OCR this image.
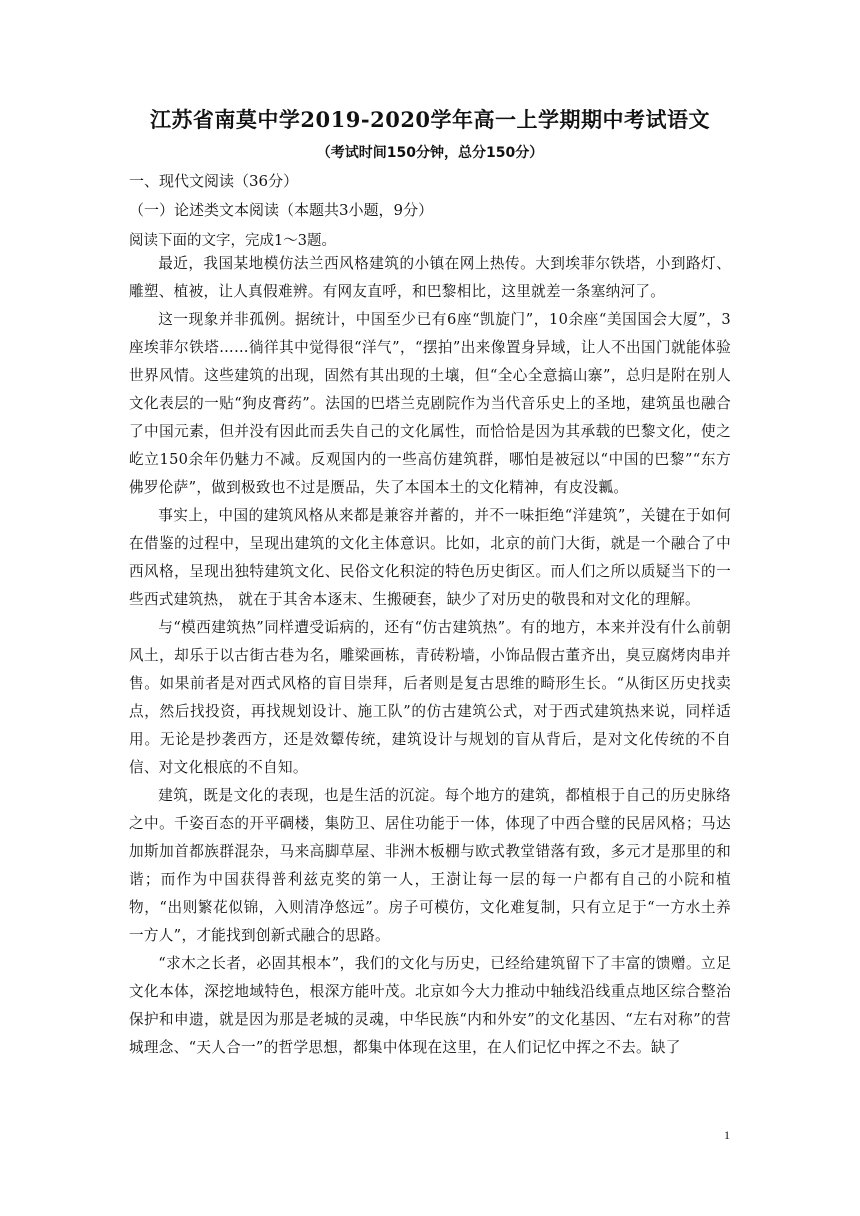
江苏省南莫中学2019-2020学年高一上学期期中考试语文
（考试时间150分钟，总分150分）
一、现代文阅读（36分）
（一）论述类文本阅读（本题共3小题，9分）
阅读下面的文字，完成1～3题。

最近，我国某地模仿法兰西风格建筑的小镇在网上热传。大到埃菲尔铁塔，小到路灯、雕塑、植被，让人真假难辨。有网友直呼，和巴黎相比，这里就差一条塞纳河了。

这一现象并非孤例。据统计，中国至少已有6座“凯旋门”，10余座“美国国会大厦”，3座埃菲尔铁塔……徜徉其中觉得很“洋气”，“摆拍”出来像置身异域，让人不出国门就能体验世界风情。这些建筑的出现，固然有其出现的土壤，但“全心全意搞山寨”，总归是附在别人文化表层的一贴“狗皮膏药”。法国的巴塔兰克剧院作为当代音乐史上的圣地，建筑虽也融合了中国元素，但并没有因此而丢失自己的文化属性，而恰恰是因为其承载的巴黎文化，使之屹立150余年仍魅力不减。反观国内的一些高仿建筑群，哪怕是被冠以“中国的巴黎”“东方佛罗伦萨”，做到极致也不过是赝品，失了本国本土的文化精神，有皮没瓤。

事实上，中国的建筑风格从来都是兼容并蓄的，并不一味拒绝“洋建筑”，关键在于如何在借鉴的过程中，呈现出建筑的文化主体意识。比如，北京的前门大街，就是一个融合了中西风格，呈现出独特建筑文化、民俗文化积淀的特色历史街区。而人们之所以质疑当下的一些西式建筑热， 就在于其舍本逐末、生搬硬套，缺少了对历史的敬畏和对文化的理解。

与“模西建筑热”同样遭受诟病的，还有“仿古建筑热”。有的地方，本来并没有什么前朝风土，却乐于以古街古巷为名，雕梁画栋，青砖粉墙，小饰品假古董齐出，臭豆腐烤肉串并售。如果前者是对西式风格的盲目崇拜，后者则是复古思维的畸形生长。“从街区历史找卖点，然后找投资，再找规划设计、施工队”的仿古建筑公式，对于西式建筑热来说，同样适用。无论是抄袭西方，还是效颦传统，建筑设计与规划的盲从背后，是对文化传统的不自信、对文化根底的不自知。

建筑，既是文化的表现，也是生活的沉淀。每个地方的建筑，都植根于自己的历史脉络之中。千姿百态的开平碉楼，集防卫、居住功能于一体，体现了中西合璧的民居风格；马达加斯加首都族群混杂，马来高脚草屋、非洲木板棚与欧式教堂错落有致，多元才是那里的和谐；而作为中国获得普利兹克奖的第一人，王澍让每一层的每一户都有自己的小院和植物，“出则繁花似锦，入则清净悠远”。房子可模仿，文化难复制，只有立足于“一方水土养一方人”，才能找到创新式融合的思路。

“求木之长者，必固其根本”，我们的文化与历史，已经给建筑留下了丰富的馈赠。立足文化本体，深挖地域特色，根深方能叶茂。北京如今大力推动中轴线沿线重点地区综合整治保护和申遗，就是因为那是老城的灵魂，中华民族“内和外安”的文化基因、“左右对称”的营城理念、“天人合一”的哲学思想，都集中体现在这里，在人们记忆中挥之不去。缺了

1
